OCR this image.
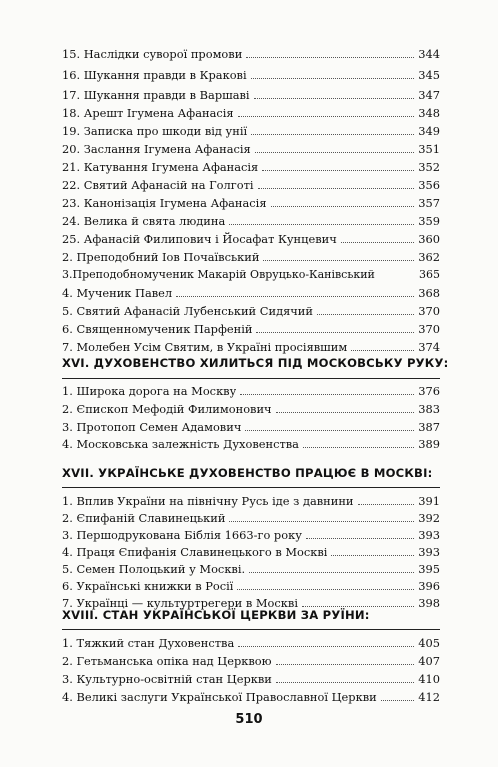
15. Наслідки суворої промови	344
16. Шукання правди в Кракові	345
17. Шукання правди в Варшаві	347
18. Арешт Ігумена Афанасія	348
19. Записка про шкоди від унії	349
20. Заслання Ігумена Афанасія	351
21. Катування Ігумена Афанасія	352
22. Святий Афанасій на Голготі	356
23. Канонізація Ігумена Афанасія	357
24. Велика й свята людина	359
25. Афанасій Филипович і Йосафат Кунцевич	360
2. Преподобний Іов Почаївський	362
3.Преподобномученик Макарій Овруцько-Канівський	365
4. Мученик Павел	368
5. Святий Афанасій Лубенський Сидячий	370
6. Священномученик Парфеній	370
7. Молебен Усім Святим, в Україні просіявшим	374
XVI. ДУХОВЕНСТВО ХИЛИТЬСЯ ПІД МОСКОВСЬКУ РУКУ:
1. Широка дорога на Москву	376
2. Єпископ Мефодій Филимонович	383
3. Протопоп Семен Адамович	387
4. Московська залежність Духовенства	389
XVII. УКРАЇНСЬКЕ ДУХОВЕНСТВО ПРАЦЮЄ В МОСКВІ:
1. Вплив України на північну Русь іде з давнини	391
2. Єпифаній Славинецький	392
3. Першодрукована Біблія 1663-го року	393
4. Праця Єпифанія Славинецького в Москві	393
5. Семен Полоцький у Москві.	395
6. Українські книжки в Росії	396
7. Українці — культуртрегери в Москві	398
510
XVIII. СТАН УКРАЇНСЬКОЇ ЦЕРКВИ ЗА РУЇНИ:
1. Тяжкий стан Духовенства	405
2. Гетьманська опіка над Церквою	407
3. Культурно-освітній стан Церкви	410
4. Великі заслуги Української Православної Церкви	412
